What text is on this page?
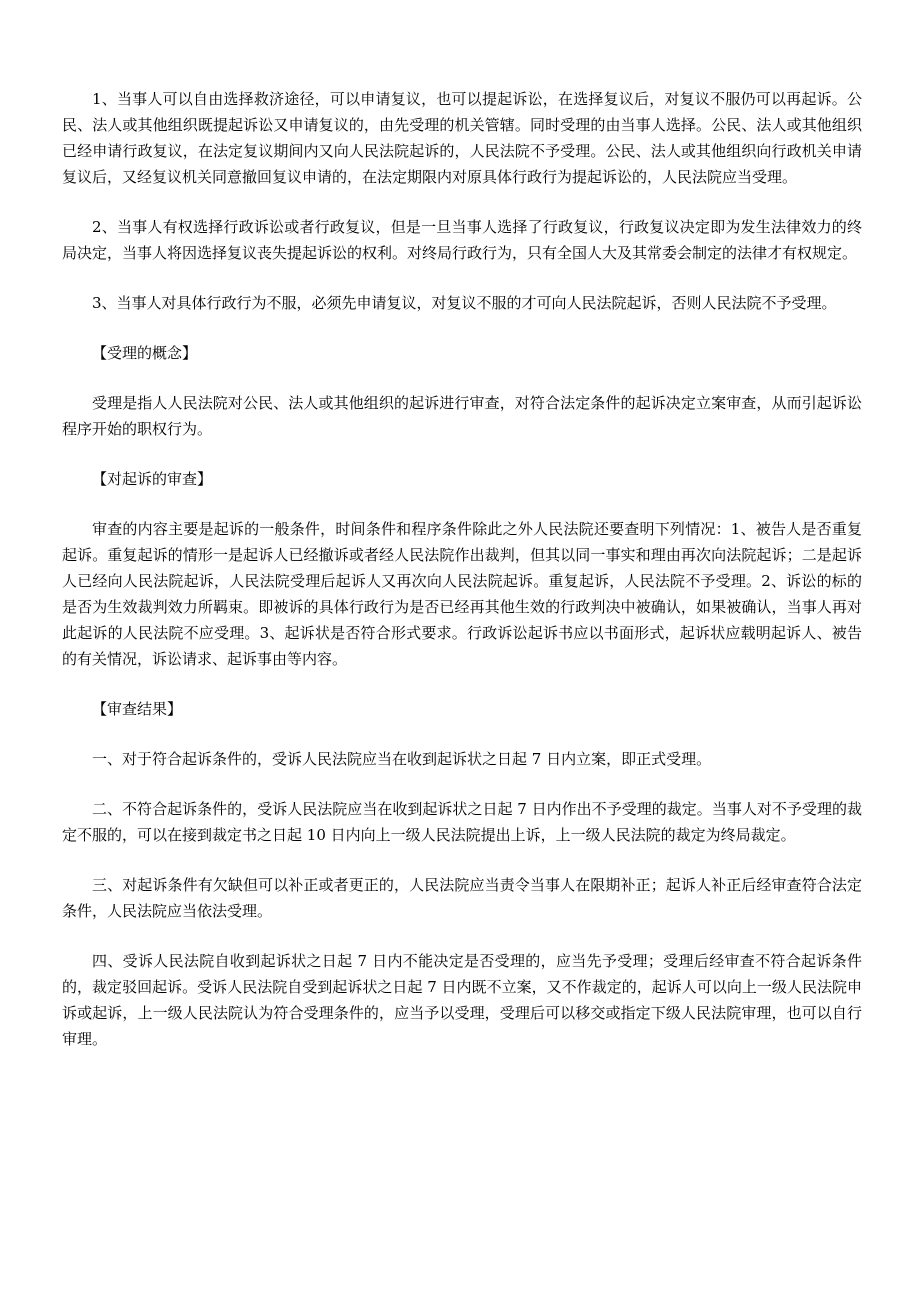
1、当事人可以自由选择救济途径，可以申请复议，也可以提起诉讼，在选择复议后，对复议不服仍可以再起诉。公民、法人或其他组织既提起诉讼又申请复议的，由先受理的机关管辖。同时受理的由当事人选择。公民、法人或其他组织已经申请行政复议，在法定复议期间内又向人民法院起诉的，人民法院不予受理。公民、法人或其他组织向行政机关申请复议后，又经复议机关同意撤回复议申请的，在法定期限内对原具体行政行为提起诉讼的，人民法院应当受理。

2、当事人有权选择行政诉讼或者行政复议，但是一旦当事人选择了行政复议，行政复议决定即为发生法律效力的终局决定，当事人将因选择复议丧失提起诉讼的权利。对终局行政行为，只有全国人大及其常委会制定的法律才有权规定。

3、当事人对具体行政行为不服，必须先申请复议，对复议不服的才可向人民法院起诉，否则人民法院不予受理。

【受理的概念】

受理是指人人民法院对公民、法人或其他组织的起诉进行审查，对符合法定条件的起诉决定立案审查，从而引起诉讼程序开始的职权行为。

【对起诉的审查】

审查的内容主要是起诉的一般条件，时间条件和程序条件除此之外人民法院还要查明下列情况：1、被告人是否重复起诉。重复起诉的情形一是起诉人已经撤诉或者经人民法院作出裁判，但其以同一事实和理由再次向法院起诉；二是起诉人已经向人民法院起诉，人民法院受理后起诉人又再次向人民法院起诉。重复起诉，人民法院不予受理。2、诉讼的标的是否为生效裁判效力所羁束。即被诉的具体行政行为是否已经再其他生效的行政判决中被确认，如果被确认，当事人再对此起诉的人民法院不应受理。3、起诉状是否符合形式要求。行政诉讼起诉书应以书面形式，起诉状应载明起诉人、被告的有关情况，诉讼请求、起诉事由等内容。

【审查结果】

一、对于符合起诉条件的，受诉人民法院应当在收到起诉状之日起 7 日内立案，即正式受理。

二、不符合起诉条件的，受诉人民法院应当在收到起诉状之日起 7 日内作出不予受理的裁定。当事人对不予受理的裁定不服的，可以在接到裁定书之日起 10 日内向上一级人民法院提出上诉，上一级人民法院的裁定为终局裁定。

三、对起诉条件有欠缺但可以补正或者更正的，人民法院应当责令当事人在限期补正；起诉人补正后经审查符合法定条件，人民法院应当依法受理。

四、受诉人民法院自收到起诉状之日起 7 日内不能决定是否受理的，应当先予受理；受理后经审查不符合起诉条件的，裁定驳回起诉。受诉人民法院自受到起诉状之日起 7 日内既不立案，又不作裁定的，起诉人可以向上一级人民法院申诉或起诉，上一级人民法院认为符合受理条件的，应当予以受理，受理后可以移交或指定下级人民法院审理，也可以自行审理。
